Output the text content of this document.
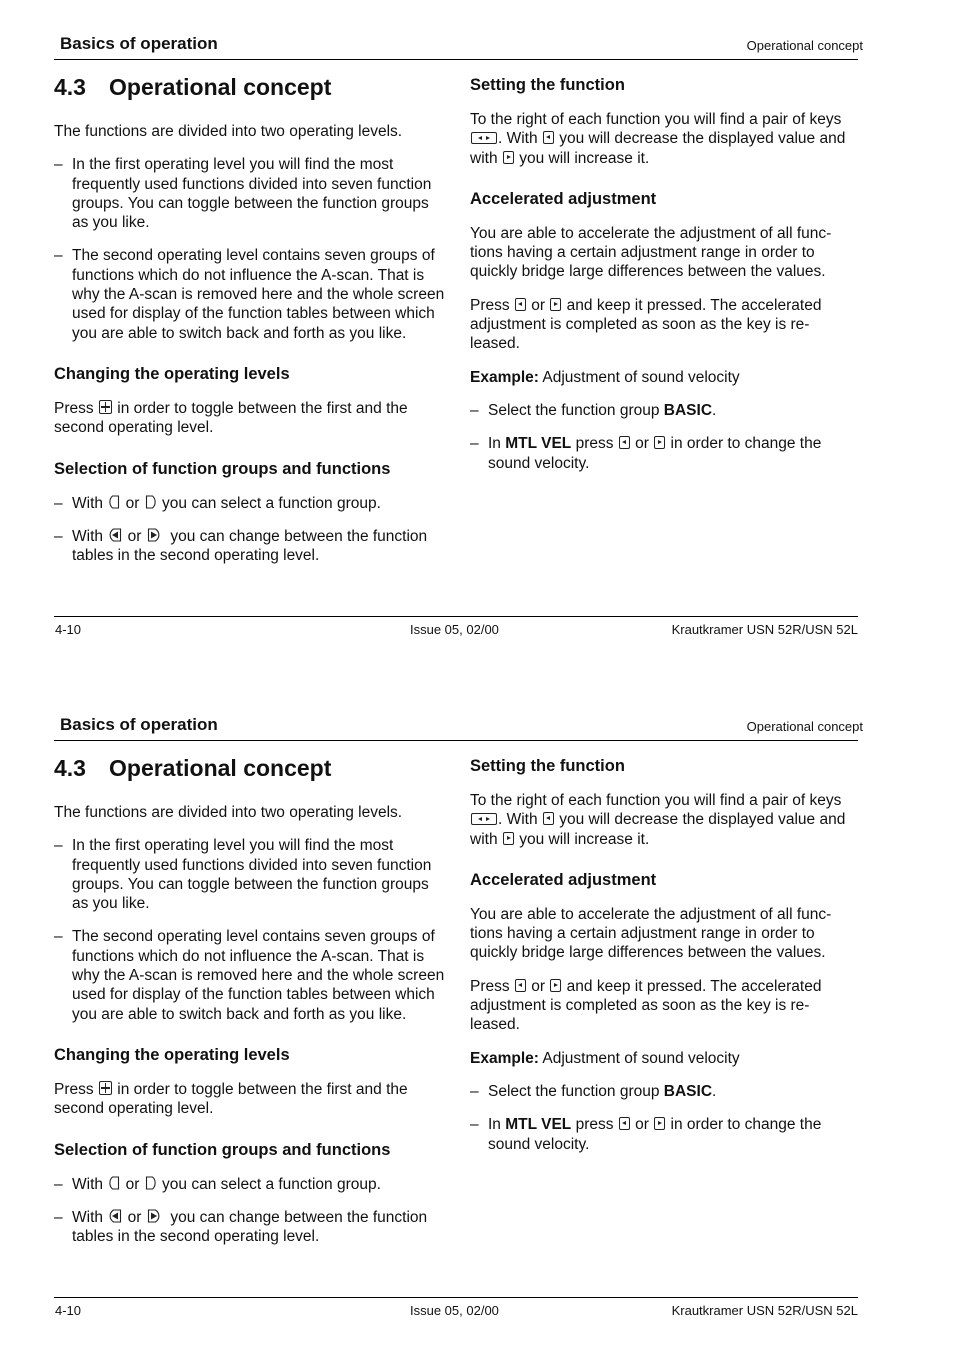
Basics of operation	Operational concept
4.3 Operational concept

The functions are divided into two operating levels.

– In the first operating level you will find the most frequently used functions divided into seven function groups. You can toggle between the function groups as you like.
– The second operating level contains seven groups of functions which do not influence the A-scan. That is why the A-scan is removed here and the whole screen used for display of the function tables between which you are able to switch back and forth as you like.
Changing the operating levels

Press in order to toggle between the first and the second operating level.

Selection of function groups and functions
– With or you can select a function group.
– With or you can change between the function tables in the second operating level.
Setting the function

To the right of each function you will find a pair of keys
. With you will decrease the displayed value and with you will increase it.

Accelerated adjustment

You are able to accelerate the adjustment of all func- tions having a certain adjustment range in order to quickly bridge large differences between the values.

Press or and keep it pressed. The accelerated adjustment is completed as soon as the key is re- leased.

Example: Adjustment of sound velocity

– Select the function group BASIC.
– In MTL VEL press or in order to change the sound velocity.
4-10	Issue 05, 02/00	Krautkramer USN 52R/USN 52L
Basics of operation	Operational concept
4.3 Operational concept

The functions are divided into two operating levels.

– In the first operating level you will find the most frequently used functions divided into seven function groups. You can toggle between the function groups as you like.
– The second operating level contains seven groups of functions which do not influence the A-scan. That is why the A-scan is removed here and the whole screen used for display of the function tables between which you are able to switch back and forth as you like.
Changing the operating levels

Press in order to toggle between the first and the second operating level.

Selection of function groups and functions
– With or you can select a function group.
– With or you can change between the function tables in the second operating level.
Setting the function

To the right of each function you will find a pair of keys
. With you will decrease the displayed value and with you will increase it.

Accelerated adjustment

You are able to accelerate the adjustment of all func- tions having a certain adjustment range in order to quickly bridge large differences between the values.

Press or and keep it pressed. The accelerated adjustment is completed as soon as the key is re- leased.

Example: Adjustment of sound velocity

– Select the function group BASIC.
– In MTL VEL press or in order to change the sound velocity.
4-10	Issue 05, 02/00	Krautkramer USN 52R/USN 52L
